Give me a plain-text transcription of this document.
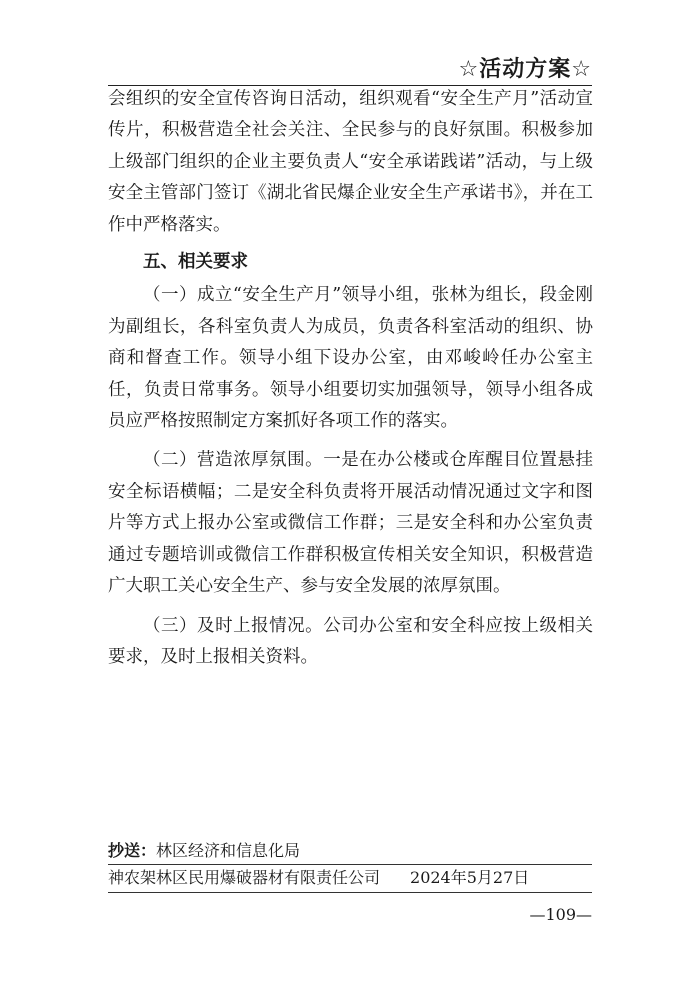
☆活动方案☆

会组织的安全宣传咨询日活动，组织观看“安全生产月”活动宣传片，积极营造全社会关注、全民参与的良好氛围。积极参加上级部门组织的企业主要负责人“安全承诺践诺”活动，与上级安全主管部门签订《湖北省民爆企业安全生产承诺书》，并在工作中严格落实。

五、相关要求

（一）成立“安全生产月”领导小组，张林为组长，段金刚为副组长，各科室负责人为成员，负责各科室活动的组织、协商和督查工作。领导小组下设办公室，由邓峻岭任办公室主任，负责日常事务。领导小组要切实加强领导，领导小组各成员应严格按照制定方案抓好各项工作的落实。

（二）营造浓厚氛围。一是在办公楼或仓库醒目位置悬挂安全标语横幅；二是安全科负责将开展活动情况通过文字和图片等方式上报办公室或微信工作群；三是安全科和办公室负责通过专题培训或微信工作群积极宣传相关安全知识，积极营造广大职工关心安全生产、参与安全发展的浓厚氛围。

（三）及时上报情况。公司办公室和安全科应按上级相关要求，及时上报相关资料。

抄送：林区经济和信息化局
神农架林区民用爆破器材有限责任公司 2024年5月27日
—109—
